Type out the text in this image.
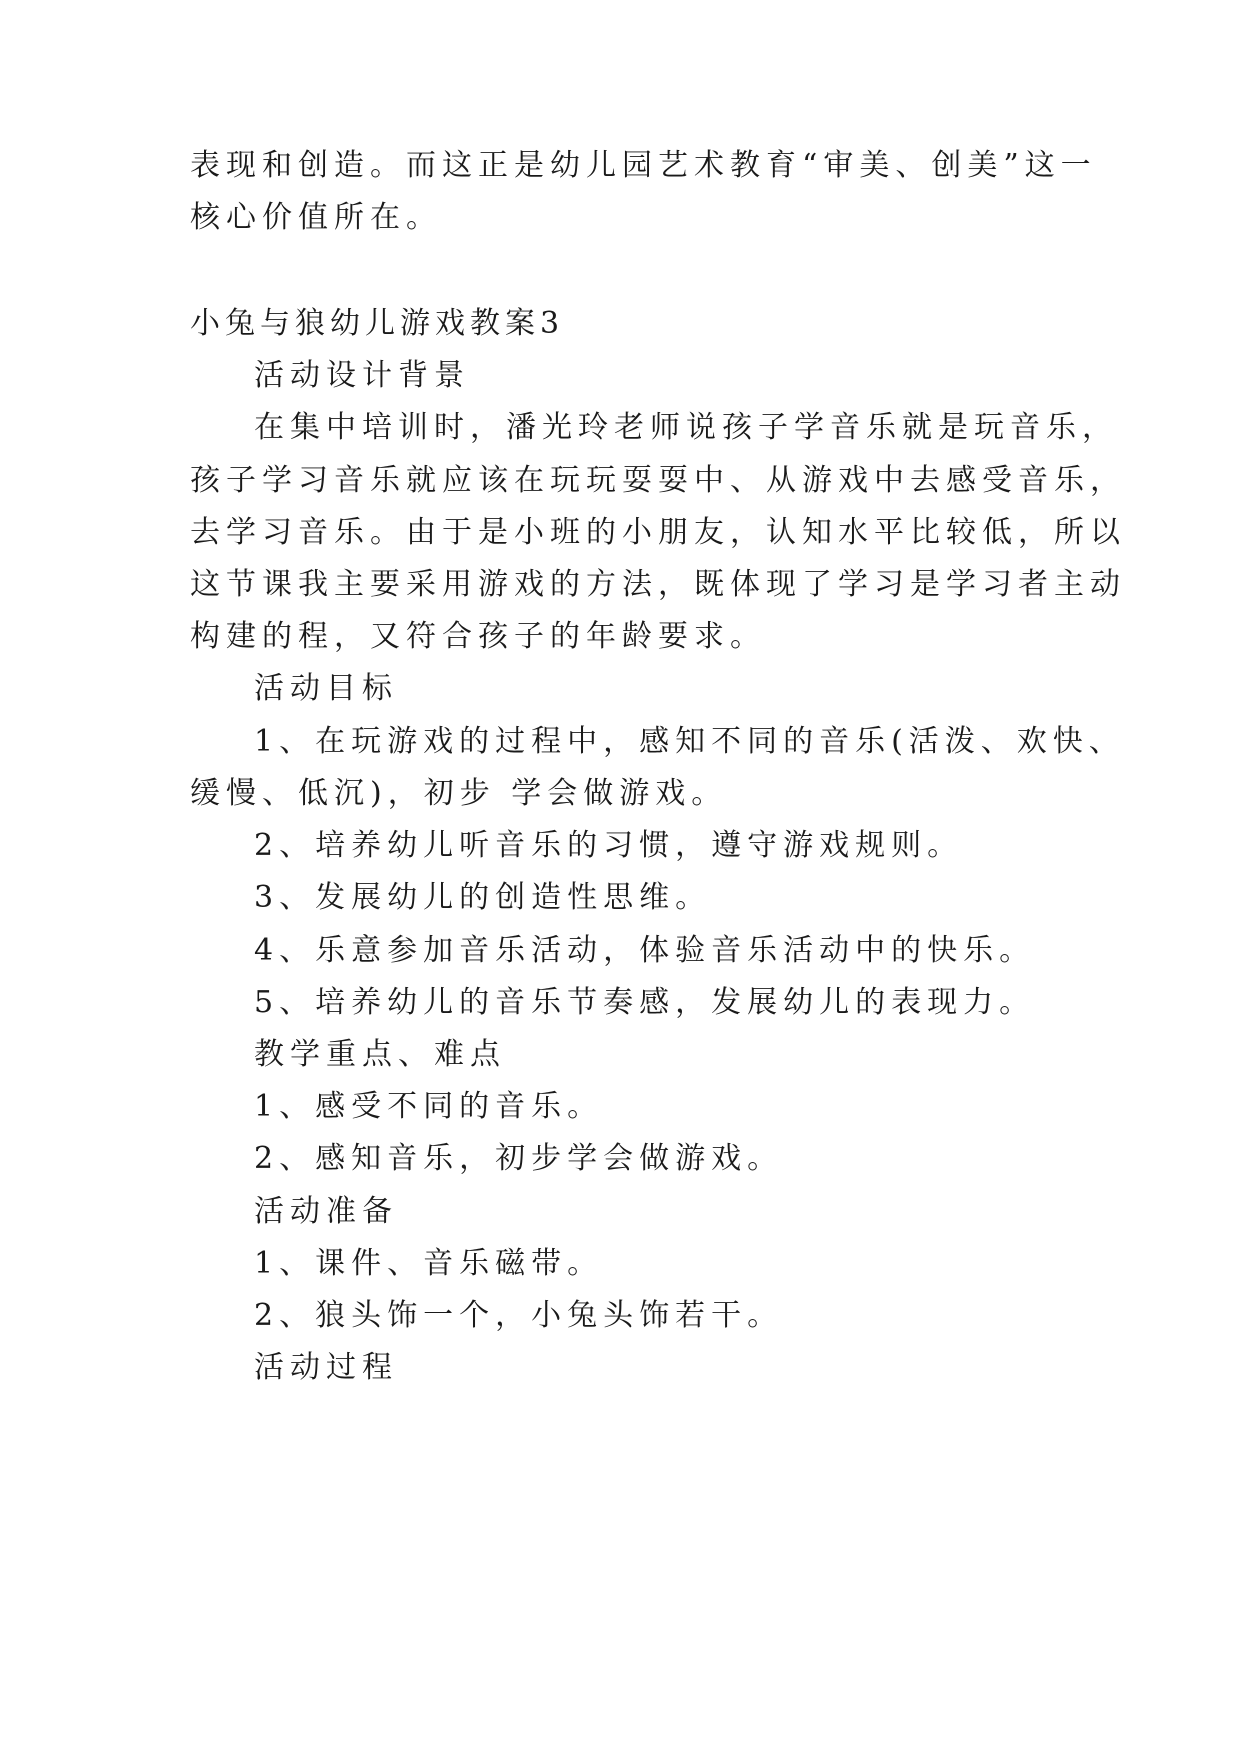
表现和创造。而这正是幼儿园艺术教育“审美、创美”这一
核心价值所在。
小兔与狼幼儿游戏教案3
活动设计背景
在集中培训时，潘光玲老师说孩子学音乐就是玩音乐，
孩子学习音乐就应该在玩玩耍耍中、从游戏中去感受音乐，
去学习音乐。由于是小班的小朋友，认知水平比较低，所以
这节课我主要采用游戏的方法，既体现了学习是学习者主动
构建的程，又符合孩子的年龄要求。
活动目标
1、在玩游戏的过程中，感知不同的音乐(活泼、欢快、
缓慢、低沉)，初步 学会做游戏。
2、培养幼儿听音乐的习惯，遵守游戏规则。
3、发展幼儿的创造性思维。
4、乐意参加音乐活动，体验音乐活动中的快乐。
5、培养幼儿的音乐节奏感，发展幼儿的表现力。
教学重点、难点
1、感受不同的音乐。
2、感知音乐，初步学会做游戏。
活动准备
1、课件、音乐磁带。
2、狼头饰一个，小兔头饰若干。
活动过程
